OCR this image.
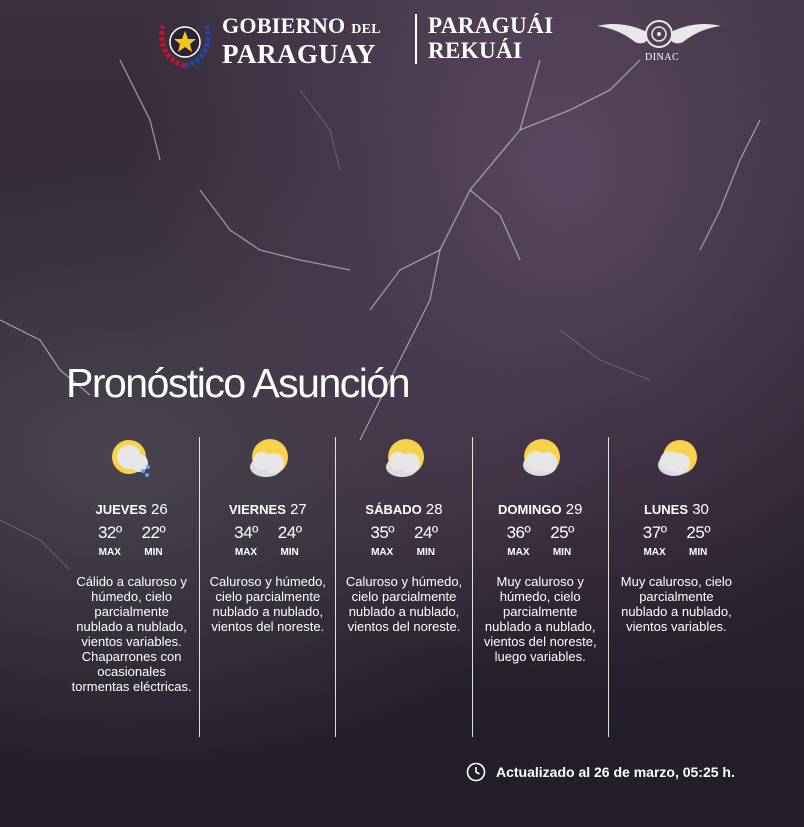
GOBIERNO DEL
PARAGUAY
PARAGUÁI
REKUÁI	DINAC
Pronóstico Asunción
JUEVES 26
32º
MAX
22º
MIN
Cálido a caluroso y húmedo, cielo parcialmente nublado a nublado, vientos variables. Chaparrones con ocasionales tormentas eléctricas.
VIERNES 27
34º
MAX
24º
MIN
Caluroso y húmedo, cielo parcialmente nublado a nublado, vientos del noreste.
SÁBADO 28
35º
MAX
24º
MIN
Caluroso y húmedo, cielo parcialmente nublado a nublado, vientos del noreste.
DOMINGO 29
36º
MAX
25º
MIN
Muy caluroso y húmedo, cielo parcialmente nublado a nublado, vientos del noreste, luego variables.
LUNES 30
37º
MAX
25º
MIN
Muy caluroso, cielo parcialmente nublado a nublado, vientos variables.
Actualizado al 26 de marzo, 05:25 h.
